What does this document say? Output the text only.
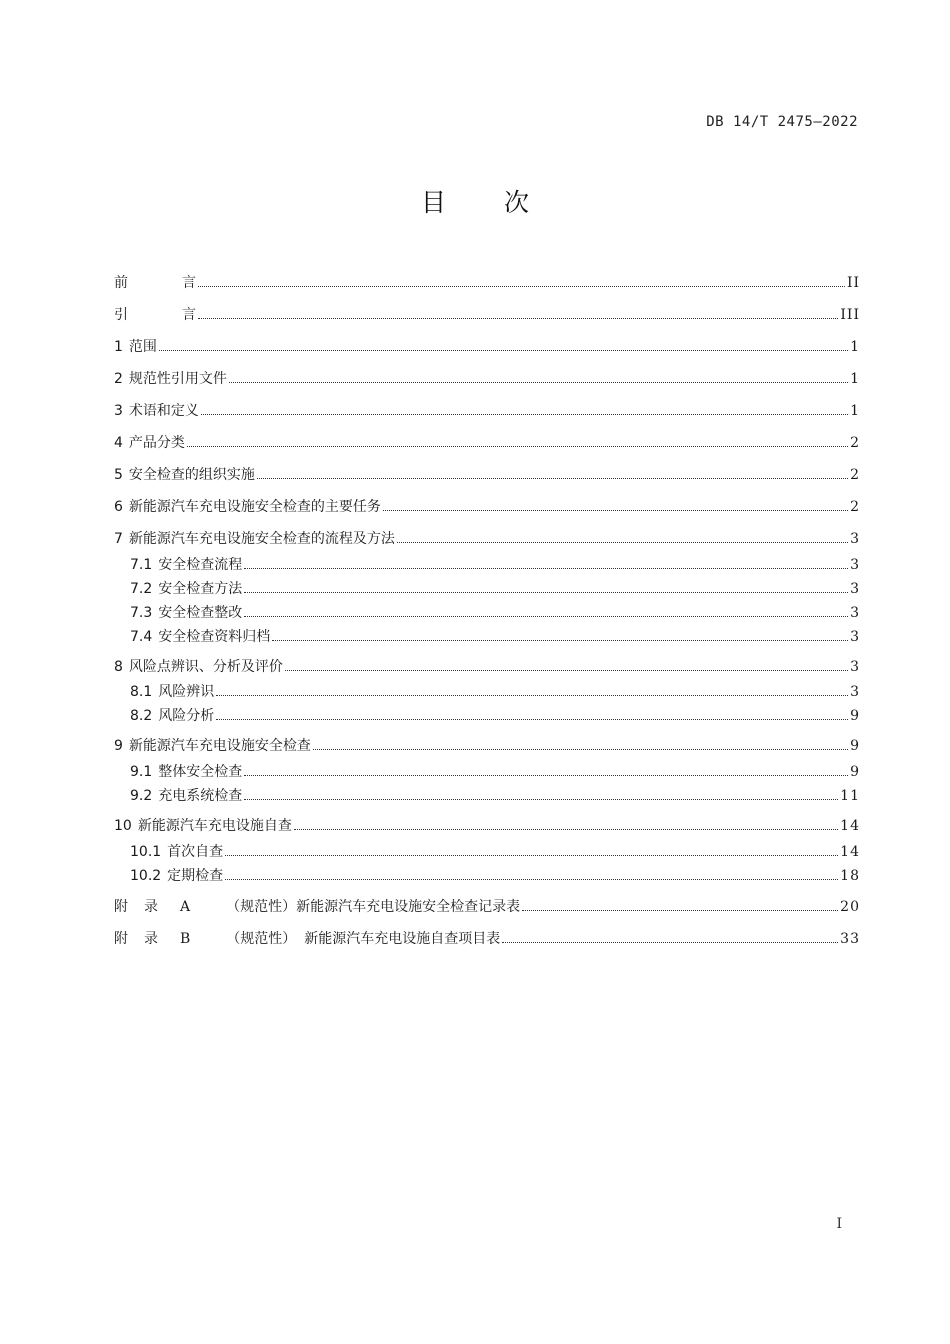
DB 14/T 2475—2022
目 次
前	言	II
引	言	III
1 范围	1
2 规范性引用文件	1
3 术语和定义	1
4 产品分类	2
5 安全检查的组织实施	2
6 新能源汽车充电设施安全检查的主要任务	2
7 新能源汽车充电设施安全检查的流程及方法	3
7.1 安全检查流程	3
7.2 安全检查方法	3
7.3 安全检查整改	3
7.4 安全检查资料归档	3
8 风险点辨识、分析及评价	3
8.1 风险辨识	3
8.2 风险分析	9
9 新能源汽车充电设施安全检查	9
9.1 整体安全检查	9
9.2 充电系统检查	11
10 新能源汽车充电设施自查	14
10.1 首次自查	14
10.2 定期检查	18
附 录 A	（规范性）新能源汽车充电设施安全检查记录表	20
附 录 B	（规范性） 新能源汽车充电设施自查项目表	33
I
